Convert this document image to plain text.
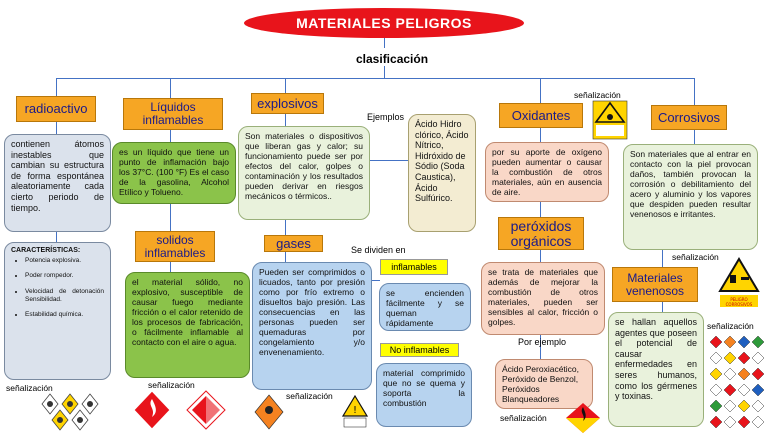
MATERIALES PELIGROS
clasificación
radioactivo
contienen átomos inestables que cambian su estructura de forma espontánea aleatoriamente cada cierto periodo de tiempo.
CARACTERÍSTICAS:
• Potencia explosiva.
• Poder rompedor.
• Velocidad de detonación Sensibilidad.
• Estabilidad química.
señalización
Líquidos inflamables
es un líquido que tiene un punto de inflamación bajo los 37°C. (100 °F) Es el caso de la gasolina, Alcohol Etílico y Tolueno.
solidos inflamables
el material sólido, no explosivo, susceptible de causar fuego mediante fricción o el calor retenido de los procesos de fabricación, o fácilmente inflamable al contacto con el aire o agua.
señalización
explosivos
Son materiales o dispositivos que liberan gas y calor; su funcionamiento puede ser por efectos del calor, golpes o contaminación y los resultados pueden derivar en riesgos mecánicos o térmicos..
Ejemplos
Ácido Hidro clórico, Ácido Nítrico, Hidróxido de Sódio (Soda Caustica), Ácido Sulfúrico.
gases
Pueden ser comprimidos o licuados, tanto por presión como por frío extremo o disueltos bajo presión. Las consecuencias en las personas pueden ser quemaduras por congelamiento y/o envenenamiento.
señalización
!
Se dividen en
inflamables
se encienden fácilmente y se queman rápidamente
No inflamables
material comprimido que no se quema y soporta la combustión
Oxidantes
señalización
por su aporte de oxígeno pueden aumentar o causar la combustión de otros materiales, aún en ausencia de aire.
peróxidos orgánicos
se trata de materiales que además de mejorar la combustión de otros materiales, pueden ser sensibles al calor, fricción o golpes.
Por ejemplo
Ácido Peroxiacético, Peróxido de Benzol, Peróxidos Blanqueadores
señalización
Corrosivos
Son materiales que al entrar en contacto con la piel provocan daños, también provocan la corrosión o debilitamiento del acero y aluminio y los vapores que despiden pueden resultar venenosos e irritantes.
señalización
PELIGRO
CORROSIVOS
Materiales venenosos
se hallan aquellos agentes que poseen el potencial de causar enfermedades en seres humanos, como los gérmenes y toxinas.
señalización
